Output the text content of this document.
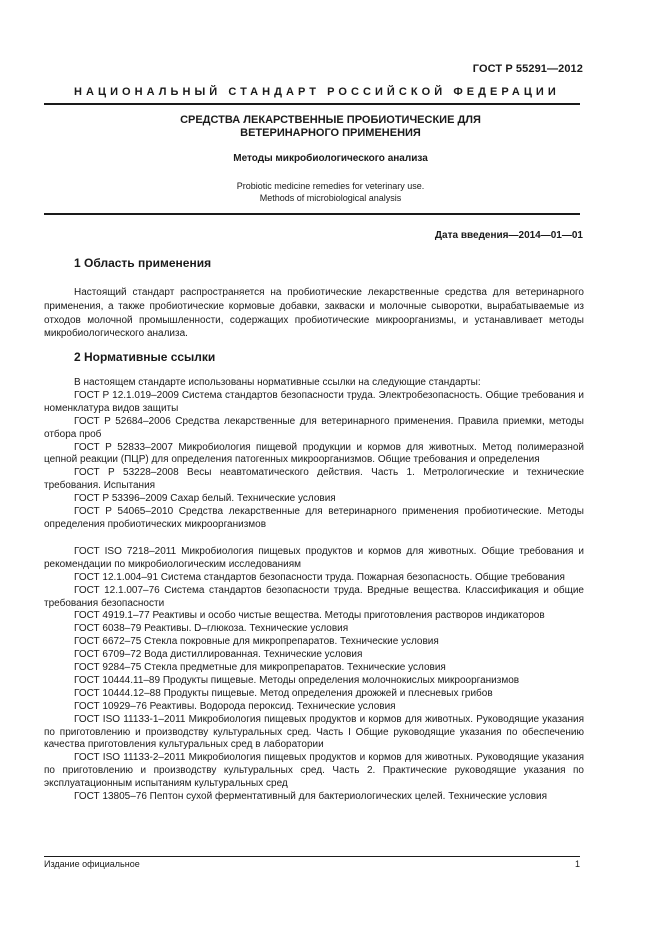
ГОСТ Р 55291—2012
НАЦИОНАЛЬНЫЙ СТАНДАРТ РОССИЙСКОЙ ФЕДЕРАЦИИ
СРЕДСТВА ЛЕКАРСТВЕННЫЕ ПРОБИОТИЧЕСКИЕ ДЛЯ
ВЕТЕРИНАРНОГО ПРИМЕНЕНИЯ
Методы микробиологического анализа
Probiotic medicine remedies for veterinary use.
Methods of microbiological analysis
Дата введения—2014—01—01
1 Область применения
Настоящий стандарт распространяется на пробиотические лекарственные средства для ветеринарного применения, а также пробиотические кормовые добавки, закваски и молочные сыворотки, вырабатываемые из отходов молочной промышленности, содержащих пробиотические микроорганизмы, и устанавливает методы микробиологического анализа.
2 Нормативные ссылки

В настоящем стандарте использованы нормативные ссылки на следующие стандарты:

ГОСТ Р 12.1.019–2009 Система стандартов безопасности труда. Электробезопасность. Общие требования и номенклатура видов защиты

ГОСТ Р 52684–2006 Средства лекарственные для ветеринарного применения. Правила приемки, методы отбора проб

ГОСТ Р 52833–2007 Микробиология пищевой продукции и кормов для животных. Метод полимеразной цепной реакции (ПЦР) для определения патогенных микроорганизмов. Общие требования и определения

ГОСТ Р 53228–2008 Весы неавтоматического действия. Часть 1. Метрологические и технические требования. Испытания

ГОСТ Р 53396–2009 Сахар белый. Технические условия

ГОСТ Р 54065–2010 Средства лекарственные для ветеринарного применения пробиотические. Методы определения пробиотических микроорганизмов

ГОСТ ISO 7218–2011 Микробиология пищевых продуктов и кормов для животных. Общие требования и рекомендации по микробиологическим исследованиям

ГОСТ 12.1.004–91 Система стандартов безопасности труда. Пожарная безопасность. Общие требования

ГОСТ 12.1.007–76 Система стандартов безопасности труда. Вредные вещества. Классификация и общие требования безопасности

ГОСТ 4919.1–77 Реактивы и особо чистые вещества. Методы приготовления растворов индикаторов

ГОСТ 6038–79 Реактивы. D–глюкоза. Технические условия

ГОСТ 6672–75 Стекла покровные для микропрепаратов. Технические условия

ГОСТ 6709–72 Вода дистиллированная. Технические условия

ГОСТ 9284–75 Стекла предметные для микропрепаратов. Технические условия

ГОСТ 10444.11–89 Продукты пищевые. Методы определения молочнокислых микроорганизмов

ГОСТ 10444.12–88 Продукты пищевые. Метод определения дрожжей и плесневых грибов

ГОСТ 10929–76 Реактивы. Водорода пероксид. Технические условия

ГОСТ ISO 11133-1–2011 Микробиология пищевых продуктов и кормов для животных. Руководящие указания по приготовлению и производству культуральных сред. Часть I Общие руководящие указания по обеспечению качества приготовления культуральных сред в лаборатории

ГОСТ ISO 11133-2–2011 Микробиология пищевых продуктов и кормов для животных. Руководящие указания по приготовлению и производству культуральных сред. Часть 2. Практические руководящие указания по эксплуатационным испытаниям культуральных сред

ГОСТ 13805–76 Пептон сухой ферментативный для бактериологических целей. Технические условия

Издание официальное	1
